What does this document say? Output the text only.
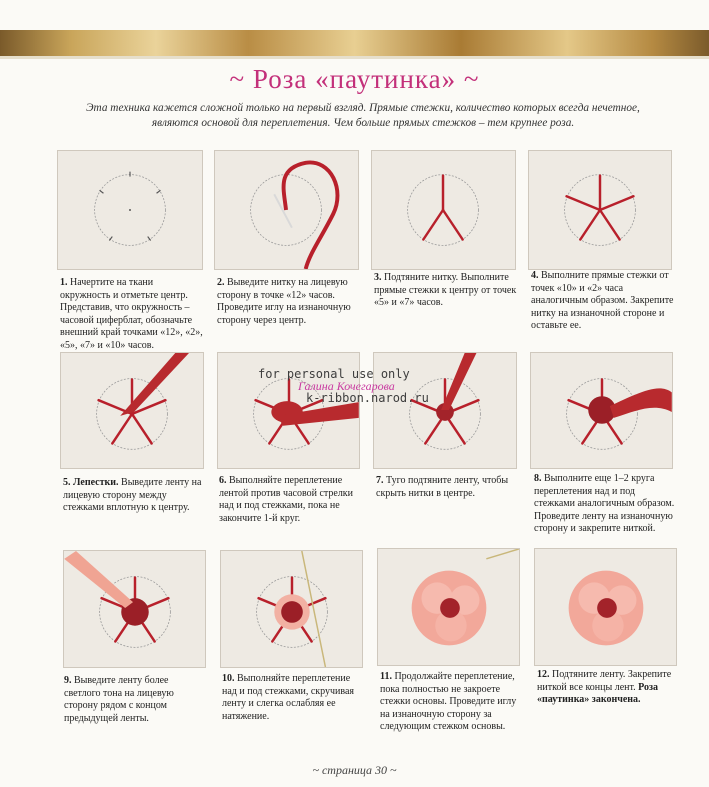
~ Роза «паутинка» ~
Эта техника кажется сложной только на первый взгляд. Прямые стежки, количество которых всегда нечетное, являются основой для переплетения. Чем больше прямых стежков – тем крупнее роза.
1. Начертите на ткани окружность и отметьте центр. Представив, что окружность – часовой циферблат, обозначьте внешний край точками «12», «2», «5», «7» и «10» часов.
2. Выведите нитку на лицевую сторону в точке «12» часов. Проведите иглу на изнаночную сторону через центр.
3. Подтяните нитку. Выполните прямые стежки к центру от точек «5» и «7» часов.
4. Выполните прямые стежки от точек «10» и «2» часа аналогичным образом. Закрепите нитку на изнаночной стороне и оставьте ее.
5. Лепестки. Выведите ленту на лицевую сторону между стежками вплотную к центру.
6. Выполняйте переплетение лентой против часовой стрелки над и под стежками, пока не закончите 1-й круг.
7. Туго подтяните ленту, чтобы скрыть нитки в центре.
8. Выполните еще 1–2 круга переплетения над и под стежками аналогичным образом. Проведите ленту на изнаночную сторону и закрепите ниткой.
for personal use only
Галина Кочегарова
k-ribbon.narod.ru
9. Выведите ленту более светлого тона на лицевую сторону рядом с концом предыдущей ленты.
10. Выполняйте переплетение над и под стежками, скручивая ленту и слегка ослабляя ее натяжение.
11. Продолжайте переплетение, пока полностью не закроете стежки основы. Проведите иглу на изнаночную сторону за следующим стежком основы.
12. Подтяните ленту. Закрепите ниткой все концы лент. Роза «паутинка» закончена.
~ страница 30 ~
